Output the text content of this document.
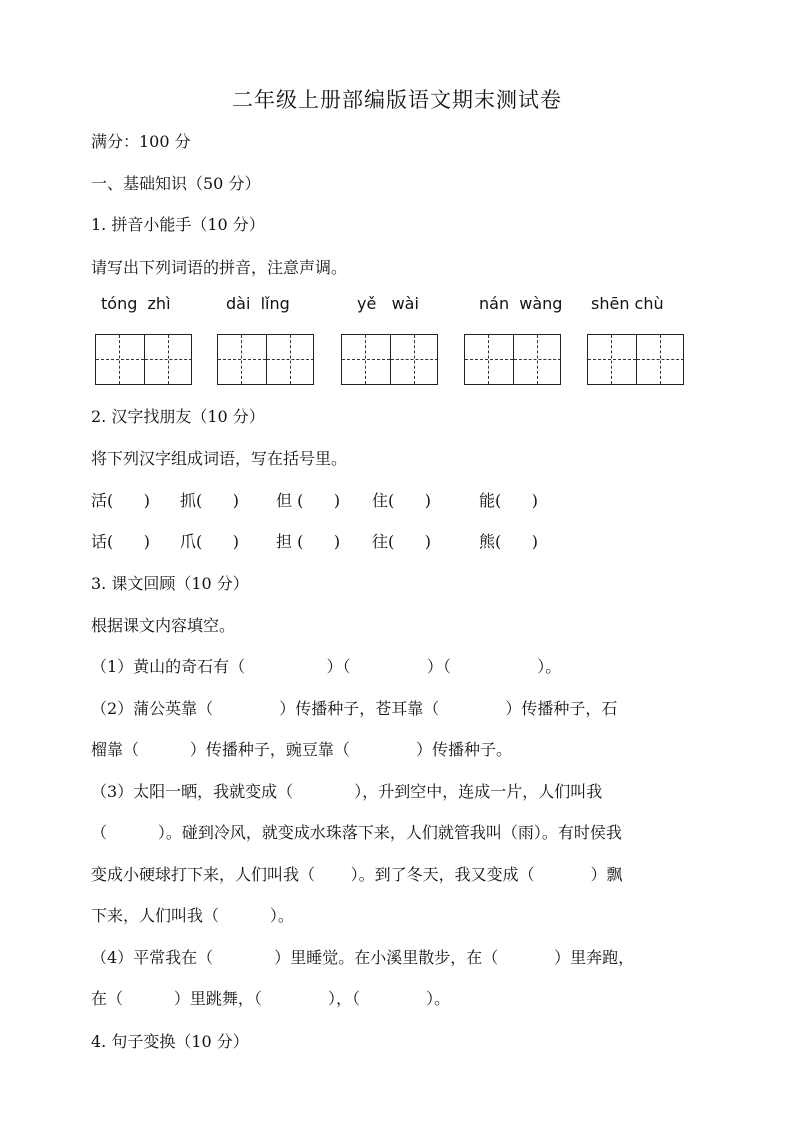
二年级上册部编版语文期末测试卷
满分：100 分
一、基础知识（50 分）
1. 拼音小能手（10 分）
请写出下列词语的拼音，注意声调。
tóng  zhì	dài  lǐng	yě   wài	nán  wàng shēn chù
2. 汉字找朋友（10 分）
将下列汉字组成词语，写在括号里。
活(      ) 抓(      ) 但 (      ) 住(      )	能(      )
话(      ) 爪(      ) 担 (      ) 往(      )	熊(      )
3. 课文回顾（10 分）
根据课文内容填空。
（1）黄山的奇石有（                ）（               ）（                 ）。
（2）蒲公英靠（             ）传播种子，苍耳靠（             ）传播种子，石
榴靠（          ）传播种子，豌豆靠（             ）传播种子。
（3）太阳一晒，我就变成（            ），升到空中，连成一片，人们叫我
（          ）。碰到冷风，就变成水珠落下来，人们就管我叫（雨）。有时侯我
变成小硬球打下来，人们叫我（       ）。到了冬天，我又变成（           ）飘
下来，人们叫我（          ）。
（4）平常我在（            ）里睡觉。在小溪里散步，在（           ）里奔跑，
在（          ）里跳舞，（             ），（             ）。
4. 句子变换（10 分）
